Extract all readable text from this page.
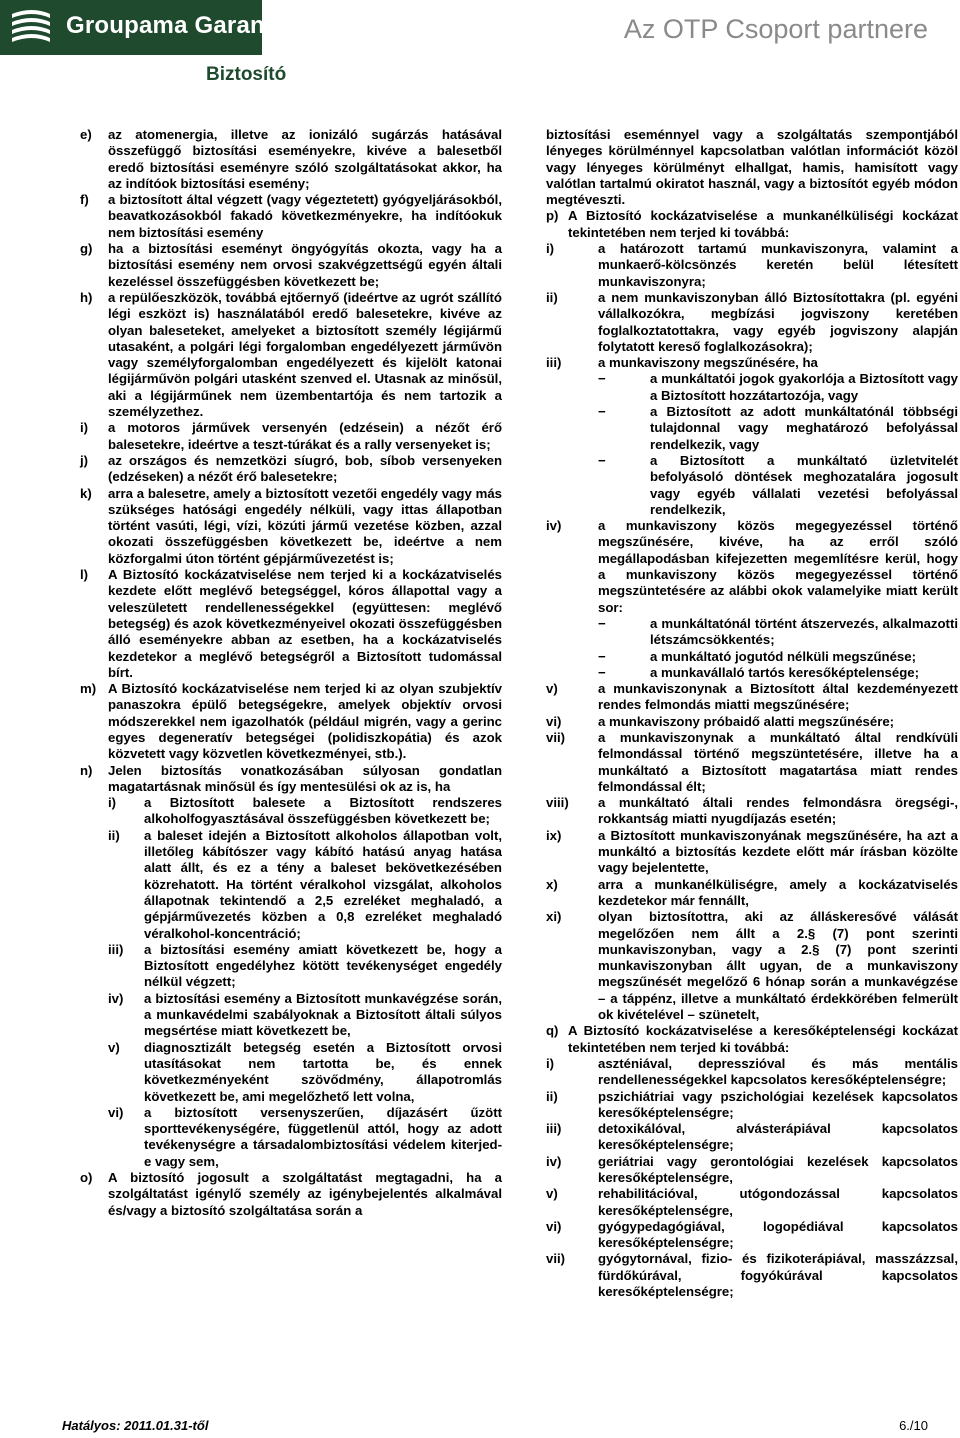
Groupama Garancia
Biztosító
Az OTP Csoport partnere
e) az atomenergia, illetve az ionizáló sugárzás hatásával összefüggő biztosítási eseményekre, kivéve a balesetből eredő biztosítási eseményre szóló szolgáltatásokat akkor, ha az indítóok biztosítási esemény;
f) a biztosított által végzett (vagy végeztetett) gyógyeljárásokból, beavatkozásokból fakadó következményekre, ha indítóokuk nem biztosítási esemény
g) ha a biztosítási eseményt öngyógyítás okozta, vagy ha a biztosítási esemény nem orvosi szakvégzettségű egyén általi kezeléssel összefüggésben következett be;
h) a repülőeszközök, továbbá ejtőernyő (ideértve az ugrót szállító légi eszközt is) használatából eredő balesetekre, kivéve az olyan baleseteket, amelyeket a biztosított személy légijármű utasaként, a polgári légi forgalomban engedélyezett járművön vagy személyforgalomban engedélyezett és kijelölt katonai légijárművön polgári utasként szenved el. Utasnak az minősül, aki a légijárműnek nem üzembentartója és nem tartozik a személyzethez.
i) a motoros járművek versenyén (edzésein) a nézőt érő balesetekre, ideértve a teszt-túrákat és a rally versenyeket is;
j) az országos és nemzetközi síugró, bob, síbob versenyeken (edzéseken) a nézőt érő balesetekre;
k) arra a balesetre, amely a biztosított vezetői engedély vagy más szükséges hatósági engedély nélküli, vagy ittas állapotban történt vasúti, légi, vízi, közúti jármű vezetése közben, azzal okozati összefüggésben következett be, ideértve a nem közforgalmi úton történt gépjárművezetést is;
l) A Biztosító kockázatviselése nem terjed ki a kockázatviselés kezdete előtt meglévő betegséggel, kóros állapottal vagy a veleszületett rendellenességekkel (együttesen: meglévő betegség) és azok következményeivel okozati összefüggésben álló eseményekre abban az esetben, ha a kockázatviselés kezdetekor a meglévő betegségről a Biztosított tudomással bírt.
m) A Biztosító kockázatviselése nem terjed ki az olyan szubjektív panaszokra épülő betegségekre, amelyek objektív orvosi módszerekkel nem igazolhatók (például migrén, vagy a gerinc egyes degeneratív betegségei (polidiszkopátia) és azok közvetett vagy közvetlen következményei, stb.).
n) Jelen biztosítás vonatkozásában súlyosan gondatlan magatartásnak minősül és így mentesülési ok az is, ha
i) a Biztosított balesete a Biztosított rendszeres alkoholfogyasztásával összefüggésben következett be;
ii) a baleset idején a Biztosított alkoholos állapotban volt, illetőleg kábítószer vagy kábító hatású anyag hatása alatt állt, és ez a tény a baleset bekövetkezésében közrehatott. Ha történt véralkohol vizsgálat, alkoholos állapotnak tekintendő a 2,5 ezreléket meghaladó, a gépjárművezetés közben a 0,8 ezreléket meghaladó véralkohol-koncentráció;
iii) a biztosítási esemény amiatt következett be, hogy a Biztosított engedélyhez kötött tevékenységet engedély nélkül végzett;
iv) a biztosítási esemény a Biztosított munkavégzése során, a munkavédelmi szabályoknak a Biztosított általi súlyos megsértése miatt következett be,
v) diagnosztizált betegség esetén a Biztosított orvosi utasításokat nem tartotta be, és ennek következményeként szövődmény, állapotromlás következett be, ami megelőzhető lett volna,
vi) a biztosított versenyszerűen, díjazásért űzött sporttevékenységére, függetlenül attól, hogy az adott tevékenységre a társadalombiztosítási védelem kiterjed-e vagy sem,
o) A biztosító jogosult a szolgáltatást megtagadni, ha a szolgáltatást igénylő személy az igénybejelentés alkalmával és/vagy a biztosító szolgáltatása során a
biztosítási eseménnyel vagy a szolgáltatás szempontjából lényeges körülménnyel kapcsolatban valótlan információt közöl vagy lényeges körülményt elhallgat, hamis, hamisított vagy valótlan tartalmú okiratot használ, vagy a biztosítót egyéb módon megtéveszti.
p) A Biztosító kockázatviselése a munkanélküliségi kockázat tekintetében nem terjed ki továbbá:
i)	a határozott tartamú munkaviszonyra, valamint a munkaerő-kölcsönzés keretén belül létesített munkaviszonyra;
ii)	a nem munkaviszonyban álló Biztosítottakra (pl. egyéni vállalkozókra, megbízási jogviszony keretében foglalkoztatottakra, vagy egyéb jogviszony alapján folytatott kereső foglalkozásokra);
iii)	a munkaviszony megszűnésére, ha
−	a munkáltatói jogok gyakorlója a Biztosított vagy a Biztosított hozzátartozója, vagy
−	a Biztosított az adott munkáltatónál többségi tulajdonnal vagy meghatározó befolyással rendelkezik, vagy
−	a Biztosított a munkáltató üzletvitelét befolyásoló döntések meghozatalára jogosult vagy egyéb vállalati vezetési befolyással rendelkezik,
iv)	a munkaviszony közös megegyezéssel történő megszűnésére, kivéve, ha az erről szóló megállapodásban kifejezetten megemlítésre kerül, hogy a munkaviszony közös megegyezéssel történő megszüntetésére az alábbi okok valamelyike miatt került sor:
−	a munkáltatónál történt átszervezés, alkalmazotti létszámcsökkentés;
−	a munkáltató jogutód nélküli megszűnése;
−	a munkavállaló tartós keresőképtelensége;
v)	a munkaviszonynak a Biztosított által kezdeményezett rendes felmondás miatti megszűnésére;
vi)	a munkaviszony próbaidő alatti megszűnésére;
vii) a munkaviszonynak a munkáltató által rendkívüli felmondással történő megszüntetésére, illetve ha a munkáltató a Biztosított magatartása miatt rendes felmondással élt;
viii) a munkáltató általi rendes felmondásra öregségi-, rokkantság miatti nyugdíjazás esetén;
ix)	a Biztosított munkaviszonyának megszűnésére, ha azt a munkáltó a biztosítás kezdete előtt már írásban közölte vagy bejelentette,
x)	arra a munkanélküliségre, amely a kockázatviselés kezdetekor már fennállt,
xi)	olyan biztosítottra, aki az álláskeresővé válását megelőzően nem állt a 2.§ (7) pont szerinti munkaviszonyban, vagy a 2.§ (7) pont szerinti munkaviszonyban állt ugyan, de a munkaviszony megszűnését megelőző 6 hónap során a munkavégzése – a táppénz, illetve a munkáltató érdekkörében felmerült ok kivételével – szünetelt,
q) A Biztosító kockázatviselése a keresőképtelenségi kockázat tekintetében nem terjed ki továbbá:
i)	aszténiával, depresszióval és más mentális rendellenességekkel kapcsolatos keresőképtelenségre;
ii)	pszichiátriai vagy pszichológiai kezelések kapcsolatos keresőképtelenségre;
iii)	detoxikálóval, alvásterápiával kapcsolatos keresőképtelenségre;
iv)	geriátriai vagy gerontológiai kezelések kapcsolatos keresőképtelenségre,
v)	rehabilitációval, utógondozással kapcsolatos keresőképtelenségre,
vi)	gyógypedagógiával, logopédiával kapcsolatos keresőképtelenségre;
vii) gyógytornával, fizio- és fizikoterápiával, masszázzsal, fürdőkúrával, fogyókúrával kapcsolatos keresőképtelenségre;
Hatályos: 2011.01.31-től	6./10
